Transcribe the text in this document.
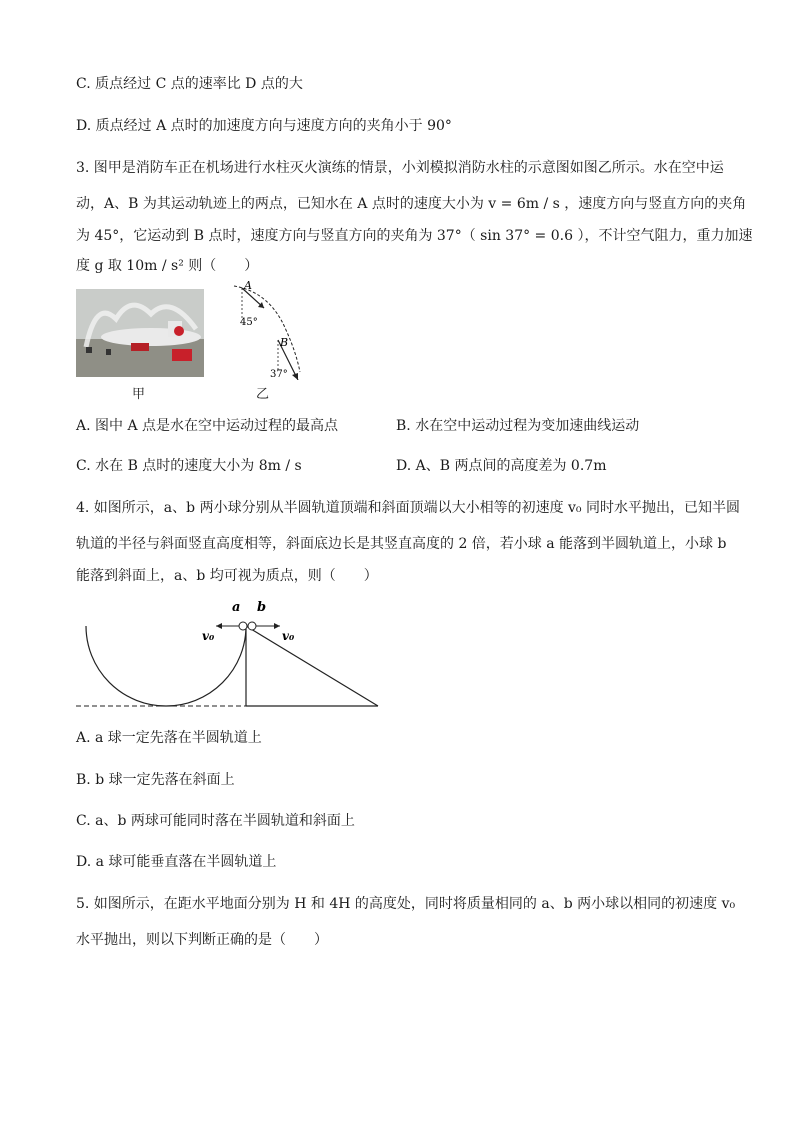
C. 质点经过 C 点的速率比 D 点的大
D. 质点经过 A 点时的加速度方向与速度方向的夹角小于 90°
3. 图甲是消防车正在机场进行水柱灭火演练的情景，小刘模拟消防水柱的示意图如图乙所示。水在空中运
动，A、B 为其运动轨迹上的两点，已知水在 A 点时的速度大小为 v = 6m / s ，速度方向与竖直方向的夹角
为 45°，它运动到 B 点时，速度方向与竖直方向的夹角为 37°（ sin 37° = 0.6 ），不计空气阻力，重力加速
度 g 取 10m / s² 则（　　）
甲
A
B
45°
37°
乙
A. 图中 A 点是水在空中运动过程的最高点	B. 水在空中运动过程为变加速曲线运动
C. 水在 B 点时的速度大小为 8m / s	D. A、B 两点间的高度差为 0.7m
4. 如图所示，a、b 两小球分别从半圆轨道顶端和斜面顶端以大小相等的初速度 v₀ 同时水平抛出，已知半圆
轨道的半径与斜面竖直高度相等，斜面底边长是其竖直高度的 2 倍，若小球 a 能落到半圆轨道上，小球 b
能落到斜面上，a、b 均可视为质点，则（　　）
a b
v₀	v₀
A. a 球一定先落在半圆轨道上
B. b 球一定先落在斜面上
C. a、b 两球可能同时落在半圆轨道和斜面上
D. a 球可能垂直落在半圆轨道上
5. 如图所示，在距水平地面分别为 H 和 4H 的高度处，同时将质量相同的 a、b 两小球以相同的初速度 v₀
水平抛出，则以下判断正确的是（　　）
